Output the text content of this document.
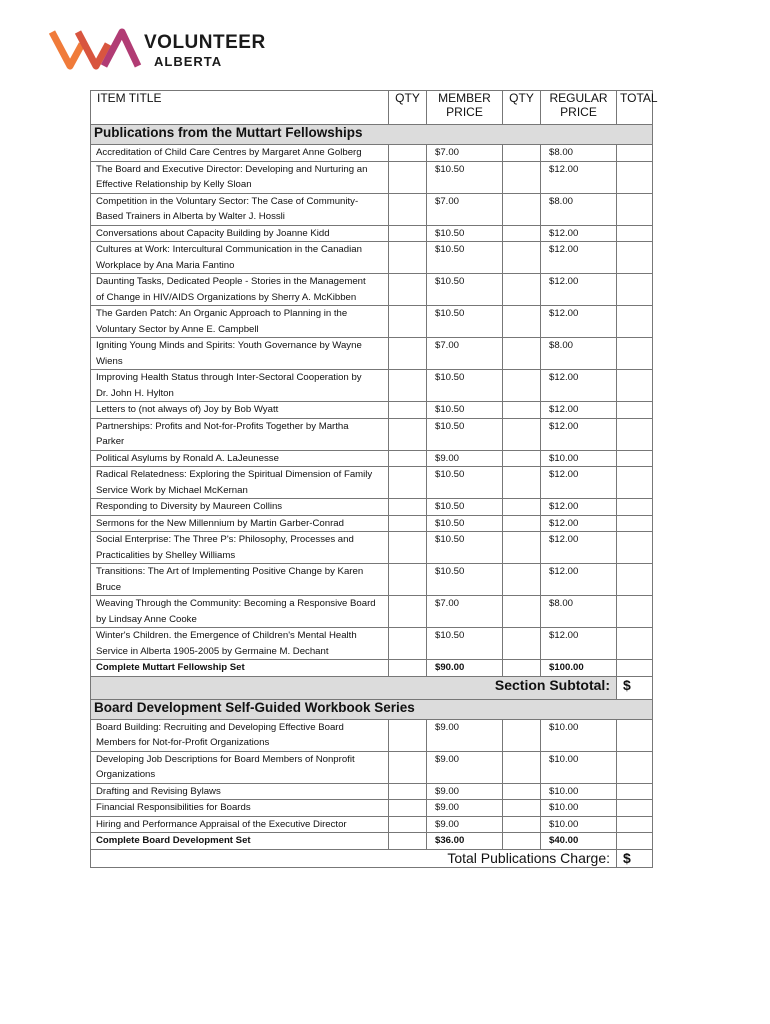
VOLUNTEER
ALBERTA
ITEM TITLE	QTY	MEMBER PRICE	QTY	REGULAR PRICE	TOTAL
Publications from the Muttart Fellowships					
Accreditation of Child Care Centres by Margaret Anne Golberg		$7.00		$8.00	
The Board and Executive Director: Developing and Nurturing an
Effective Relationship by Kelly Sloan		$10.50		$12.00	
Competition in the Voluntary Sector: The Case of Community-
Based Trainers in Alberta by Walter J. Hossli		$7.00		$8.00	
Conversations about Capacity Building by Joanne Kidd		$10.50		$12.00	
Cultures at Work: Intercultural Communication in the Canadian
Workplace by Ana Maria Fantino		$10.50		$12.00	
Daunting Tasks, Dedicated People - Stories in the Management
of Change in HIV/AIDS Organizations by Sherry A. McKibben		$10.50		$12.00	
The Garden Patch: An Organic Approach to Planning in the
Voluntary Sector by Anne E. Campbell		$10.50		$12.00	
Igniting Young Minds and Spirits: Youth Governance by Wayne
Wiens		$7.00		$8.00	
Improving Health Status through Inter-Sectoral Cooperation by
Dr. John H. Hylton		$10.50		$12.00	
Letters to (not always of) Joy by Bob Wyatt		$10.50		$12.00	
Partnerships: Profits and Not-for-Profits Together by Martha
Parker		$10.50		$12.00	
Political Asylums by Ronald A. LaJeunesse		$9.00		$10.00	
Radical Relatedness: Exploring the Spiritual Dimension of Family
Service Work by Michael McKernan		$10.50		$12.00	
Responding to Diversity by Maureen Collins		$10.50		$12.00	
Sermons for the New Millennium by Martin Garber-Conrad		$10.50		$12.00	
Social Enterprise: The Three P's: Philosophy, Processes and
Practicalities by Shelley Williams		$10.50		$12.00	
Transitions: The Art of Implementing Positive Change by Karen
Bruce		$10.50		$12.00	
Weaving Through the Community: Becoming a Responsive Board
by Lindsay Anne Cooke		$7.00		$8.00	
Winter's Children. the Emergence of Children's Mental Health
Service in Alberta 1905-2005 by Germaine M. Dechant		$10.50		$12.00	
Complete Muttart Fellowship Set		$90.00		$100.00	
Section Subtotal:					$
Board Development Self-Guided Workbook Series					
Board Building: Recruiting and Developing Effective Board
Members for Not-for-Profit Organizations		$9.00		$10.00	
Developing Job Descriptions for Board Members of Nonprofit
Organizations		$9.00		$10.00	
Drafting and Revising Bylaws		$9.00		$10.00	
Financial Responsibilities for Boards		$9.00		$10.00	
Hiring and Performance Appraisal of the Executive Director		$9.00		$10.00	
Complete Board Development Set		$36.00		$40.00	
Total Publications Charge:					$
